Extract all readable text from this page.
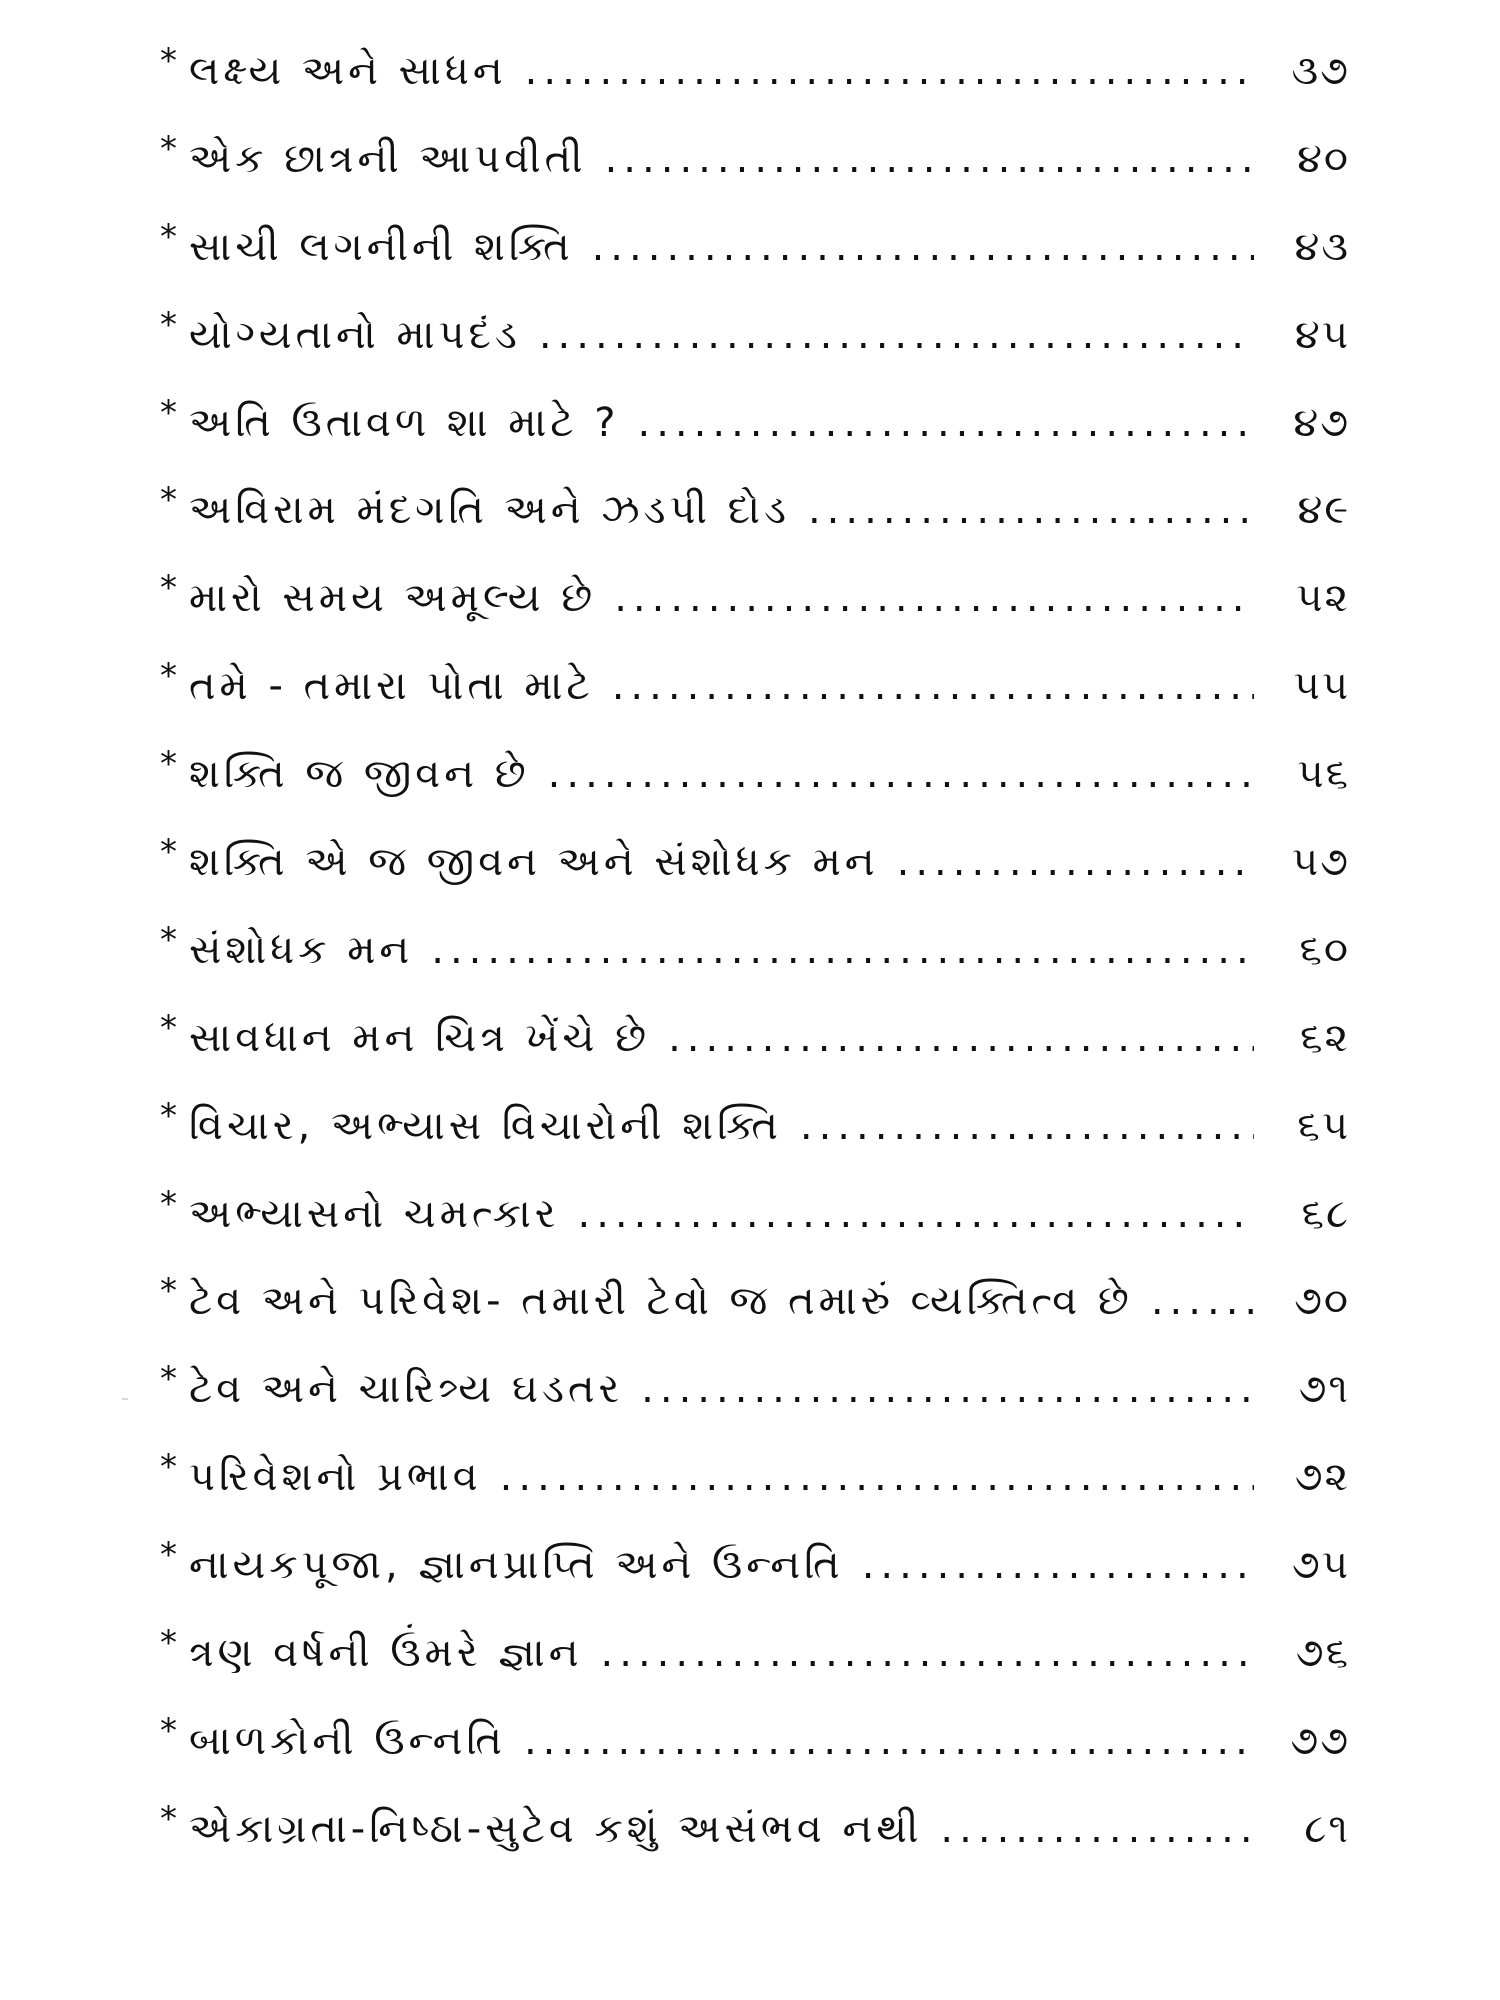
* લક્ષ્ય અને સાધન .....	૩૭
* એક છાત્રની આપવીતી .....	૪૦
* સાચી લગનીની શક્તિ .....	૪૩
* યોગ્યતાનો માપદંડ .....	૪૫
* અતિ ઉતાવળ શા માટે ? .....	૪૭
* અવિરામ મંદગતિ અને ઝડપી દોડ .....	૪૯
* મારો સમય અમૂલ્ય છે .....	૫૨
* તમે - તમારા પોતા માટે .....	૫૫
* શક્તિ જ જીવન છે .....	૫૬
* શક્તિ એ જ જીવન અને સંશોધક મન .....	૫૭
* સંશોધક મન .....	૬૦
* સાવધાન મન ચિત્ર ખેંચે છે .....	૬૨
* વિચાર, અભ્યાસ વિચારોની શક્તિ .....	૬૫
* અભ્યાસનો ચમત્કાર .....	૬૮
* ટેવ અને પરિવેશ- તમારી ટેવો જ તમારું વ્યક્તિત્વ છે .....	૭૦
* ટેવ અને ચારિત્ર્ય ઘડતર .....	૭૧
* પરિવેશનો પ્રભાવ .....	૭૨
* નાયકપૂજા, જ્ઞાનપ્રાપ્તિ અને ઉન્નતિ .....	૭૫
* ત્રણ વર્ષની ઉંમરે જ્ઞાન .....	૭૬
* બાળકોની ઉન્નતિ .....	૭૭
* એકાગ્રતા-નિષ્ઠા-સુટેવ કશું અસંભવ નથી .....	૮૧
